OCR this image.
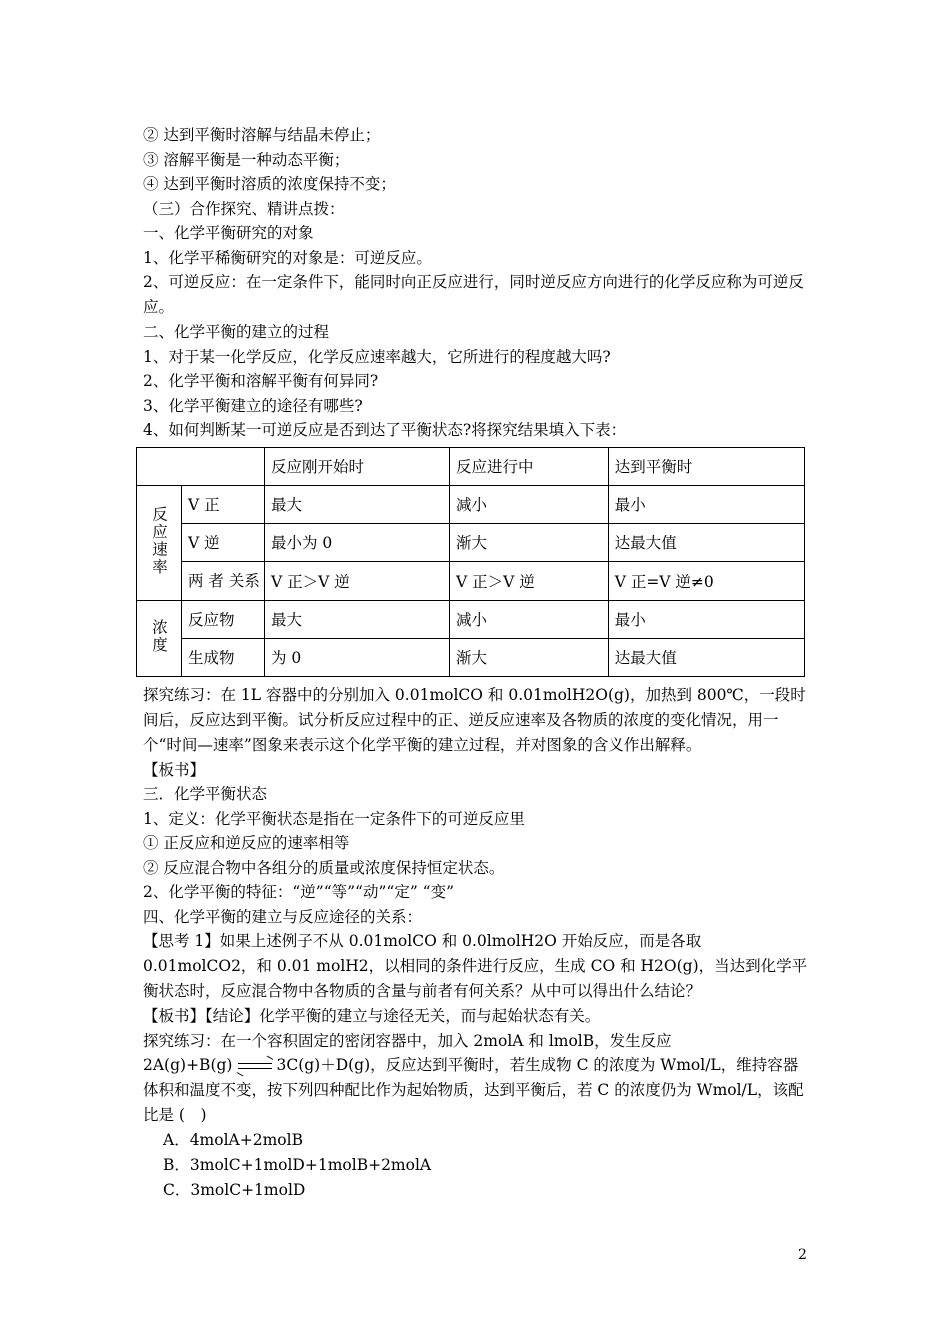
② 达到平衡时溶解与结晶未停止；
③ 溶解平衡是一种动态平衡；
④ 达到平衡时溶质的浓度保持不变；
（三）合作探究、精讲点拨：
一、化学平衡研究的对象
1、化学平稀衡研究的对象是：可逆反应。
2、可逆反应：在一定条件下，能同时向正反应进行，同时逆反应方向进行的化学反应称为可逆反应。
二、化学平衡的建立的过程
1、对于某一化学反应，化学反应速率越大，它所进行的程度越大吗?
2、化学平衡和溶解平衡有何异同?
3、化学平衡建立的途径有哪些?
4、如何判断某一可逆反应是否到达了平衡状态?将探究结果填入下表：
		反应刚开始时	反应进行中	达到平衡时
反应速率	V 正	最大	减小	最小
	V 逆	最小为 0	渐大	达最大值
	两 者 关系	V 正＞V 逆	V 正＞V 逆	V 正=V 逆≠0
浓度	反应物	最大	减小	最小
	生成物	为 0	渐大	达最大值
探究练习：在 1L 容器中的分别加入 0.01molCO 和 0.01molH2O(g)，加热到 800℃，一段时间后，反应达到平衡。试分析反应过程中的正、逆反应速率及各物质的浓度的变化情况，用一个“时间—速率”图象来表示这个化学平衡的建立过程，并对图象的含义作出解释。
【板书】
三．化学平衡状态
1、定义：化学平衡状态是指在一定条件下的可逆反应里
① 正反应和逆反应的速率相等
② 反应混合物中各组分的质量或浓度保持恒定状态。
2、化学平衡的特征：“逆”“等”“动”“定” “变”
四、化学平衡的建立与反应途径的关系：
【思考 1】如果上述例子不从 0.01molCO 和 0.0lmolH2O 开始反应，而是各取 0.01molCO2，和 0.01 molH2，以相同的条件进行反应，生成 CO 和 H2O(g)，当达到化学平衡状态时，反应混合物中各物质的含量与前者有何关系？从中可以得出什么结论？
【板书】【结论】化学平衡的建立与途径无关，而与起始状态有关。
探究练习：在一个容积固定的密闭容器中，加入 2molA 和 lmolB，发生反应
2A(g)+B(g) ⇌ 3C(g)＋D(g)，反应达到平衡时，若生成物 C 的浓度为 Wmol/L，维持容器体积和温度不变，按下列四种配比作为起始物质，达到平衡后，若 C 的浓度仍为 Wmol/L，该配比是 (　)
A．4molA+2molB
B．3molC+1molD+1molB+2molA
C．3molC+1molD
2
